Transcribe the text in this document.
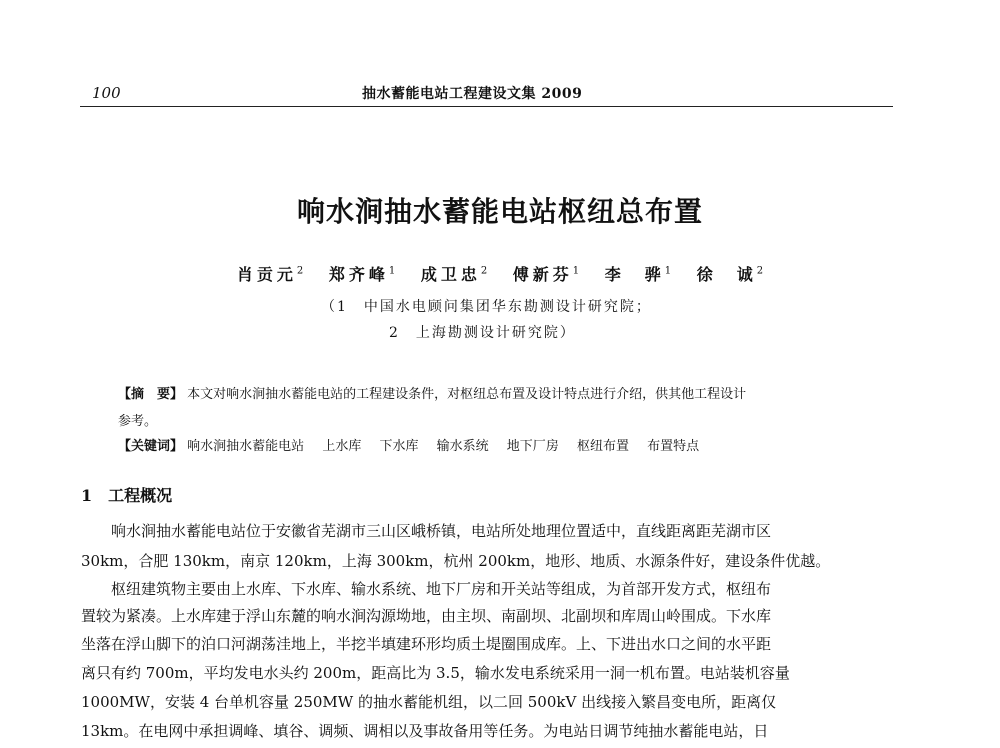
100	抽水蓄能电站工程建设文集 2009
响水涧抽水蓄能电站枢纽总布置
肖贡元$^2$ 郑齐峰$^1$ 成卫忠$^2$ 傅新芬$^1$ 李　骅$^1$ 徐　诚$^2$
（1　中国水电顾问集团华东勘测设计研究院；
2　上海勘测设计研究院）
【摘　要】 本文对响水涧抽水蓄能电站的工程建设条件，对枢纽总布置及设计特点进行介绍，供其他工程设计
参考。
【关键词】 响水涧抽水蓄能电站 上水库 下水库 输水系统 地下厂房 枢纽布置 布置特点
1 工程概况
　　响水涧抽水蓄能电站位于安徽省芜湖市三山区峨桥镇，电站所处地理位置适中，直线距离距芜湖市区
30km，合肥 130km，南京 120km，上海 300km，杭州 200km，地形、地质、水源条件好，建设条件优越。
　　枢纽建筑物主要由上水库、下水库、输水系统、地下厂房和开关站等组成，为首部开发方式，枢纽布
置较为紧凑。上水库建于浮山东麓的响水涧沟源坳地，由主坝、南副坝、北副坝和库周山岭围成。下水库
坐落在浮山脚下的泊口河湖荡洼地上，半挖半填建环形均质土堤圈围成库。上、下进出水口之间的水平距
离只有约 700m，平均发电水头约 200m，距高比为 3.5，输水发电系统采用一洞一机布置。电站装机容量
1000MW，安装 4 台单机容量 250MW 的抽水蓄能机组，以二回 500kV 出线接入繁昌变电所，距离仅
13km。在电网中承担调峰、填谷、调频、调相以及事故备用等任务。为电站日调节纯抽水蓄能电站，日
